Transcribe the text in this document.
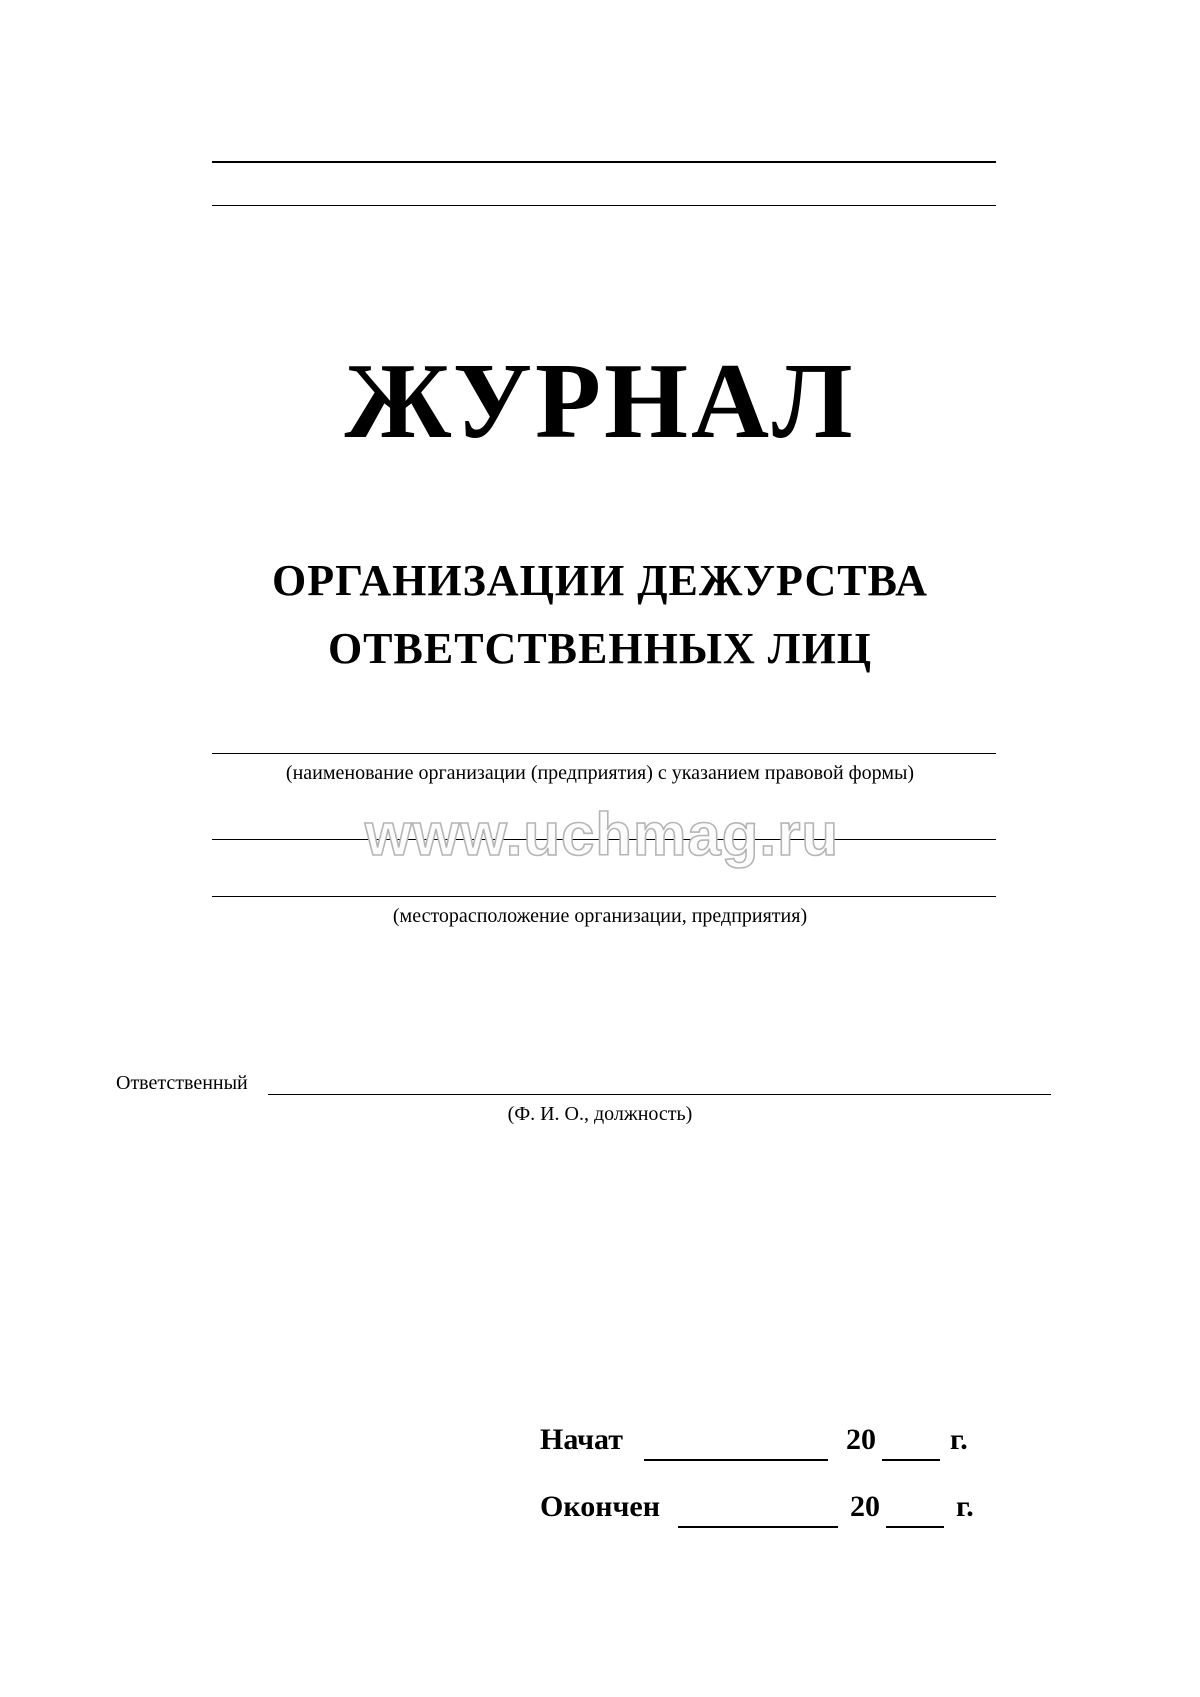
ЖУРНАЛ
ОРГАНИЗАЦИИ ДЕЖУРСТВА
ОТВЕТСТВЕННЫХ ЛИЦ
(наименование организации (предприятия) с указанием правовой формы)
www.uchmag.ru
(месторасположение организации, предприятия)
Ответственный
(Ф. И. О., должность)
Начат	20 г.
Окончен	20	г.
